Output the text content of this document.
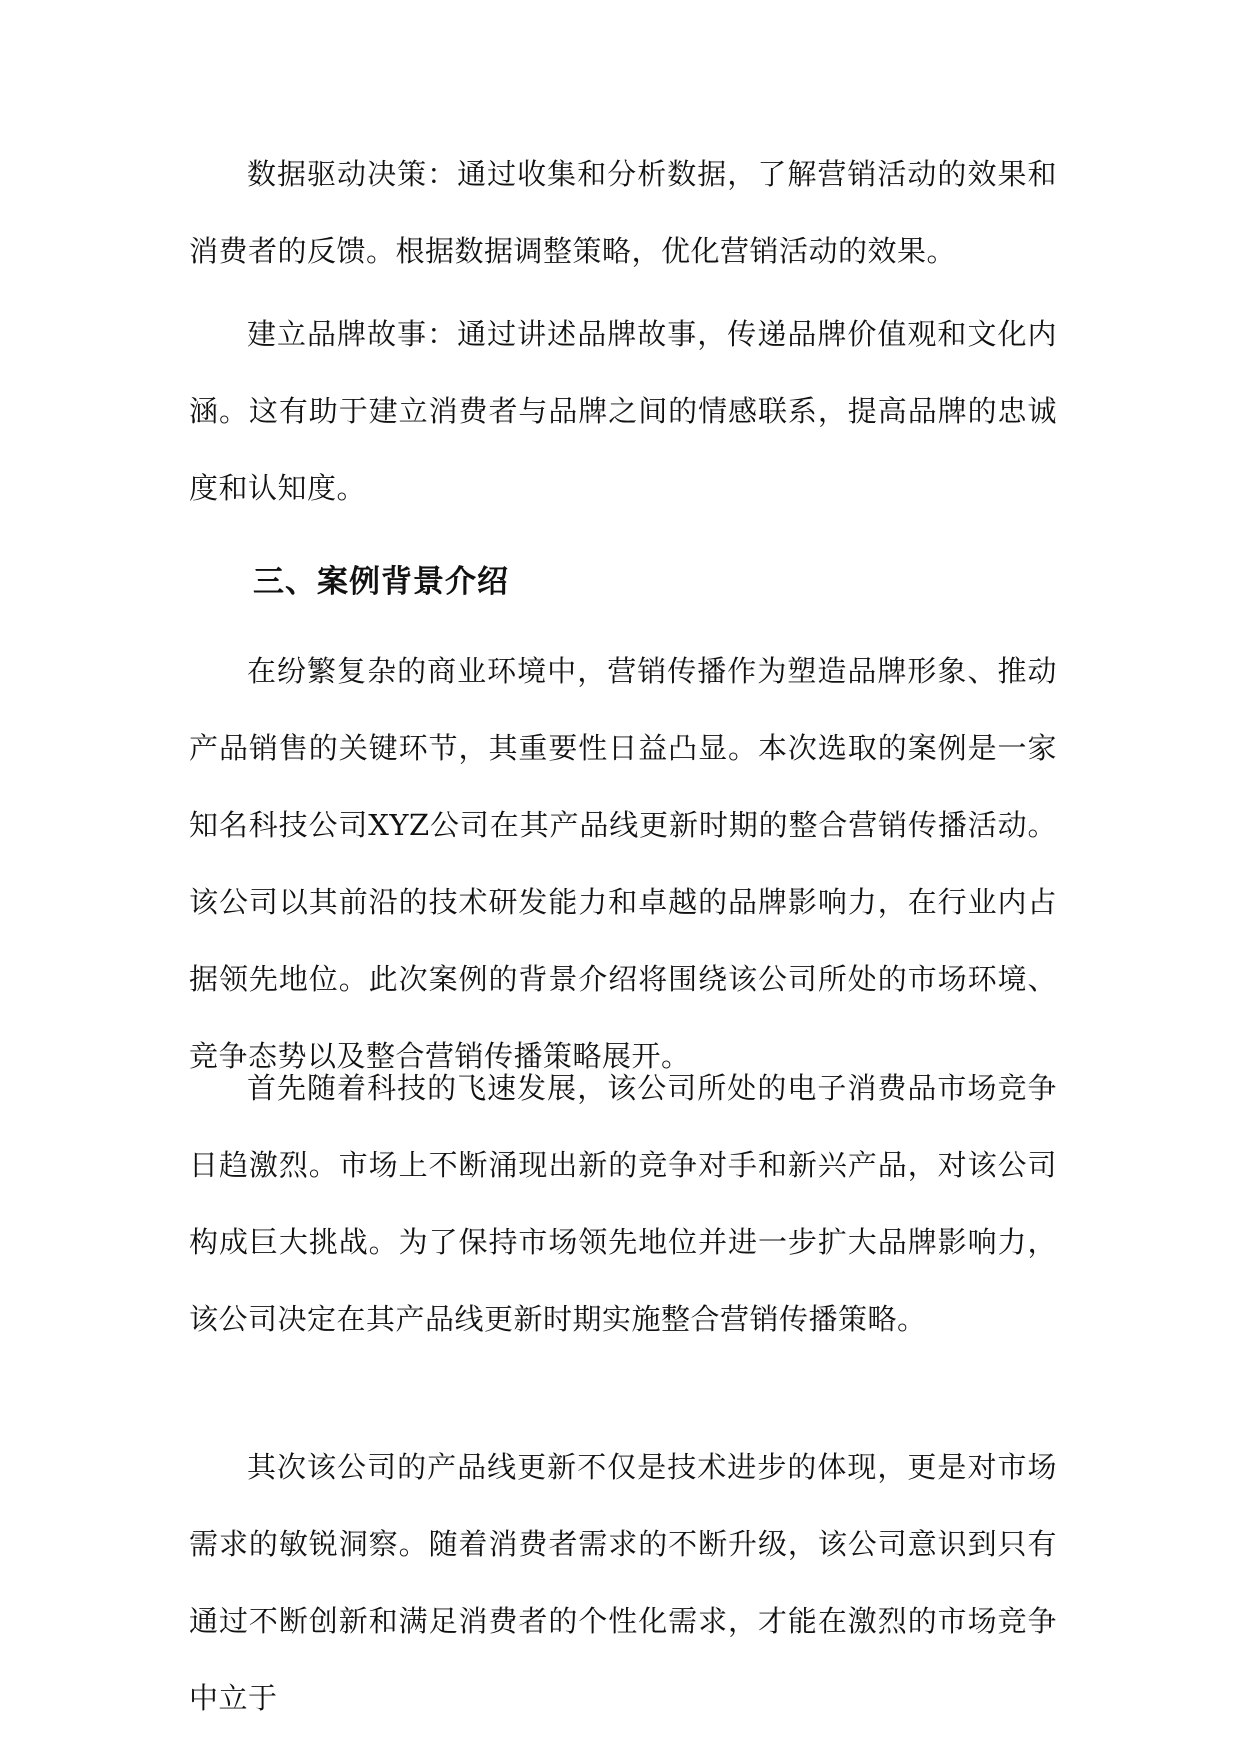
数据驱动决策：通过收集和分析数据，了解营销活动的效果和消费者的反馈。根据数据调整策略，优化营销活动的效果。

建立品牌故事：通过讲述品牌故事，传递品牌价值观和文化内涵。这有助于建立消费者与品牌之间的情感联系，提高品牌的忠诚度和认知度。

三、案例背景介绍

在纷繁复杂的商业环境中，营销传播作为塑造品牌形象、推动产品销售的关键环节，其重要性日益凸显。本次选取的案例是一家知名科技公司XYZ公司在其产品线更新时期的整合营销传播活动。该公司以其前沿的技术研发能力和卓越的品牌影响力，在行业内占据领先地位。此次案例的背景介绍将围绕该公司所处的市场环境、竞争态势以及整合营销传播策略展开。

首先随着科技的飞速发展，该公司所处的电子消费品市场竞争日趋激烈。市场上不断涌现出新的竞争对手和新兴产品，对该公司构成巨大挑战。为了保持市场领先地位并进一步扩大品牌影响力，该公司决定在其产品线更新时期实施整合营销传播策略。

其次该公司的产品线更新不仅是技术进步的体现，更是对市场需求的敏锐洞察。随着消费者需求的不断升级，该公司意识到只有通过不断创新和满足消费者的个性化需求，才能在激烈的市场竞争中立于
